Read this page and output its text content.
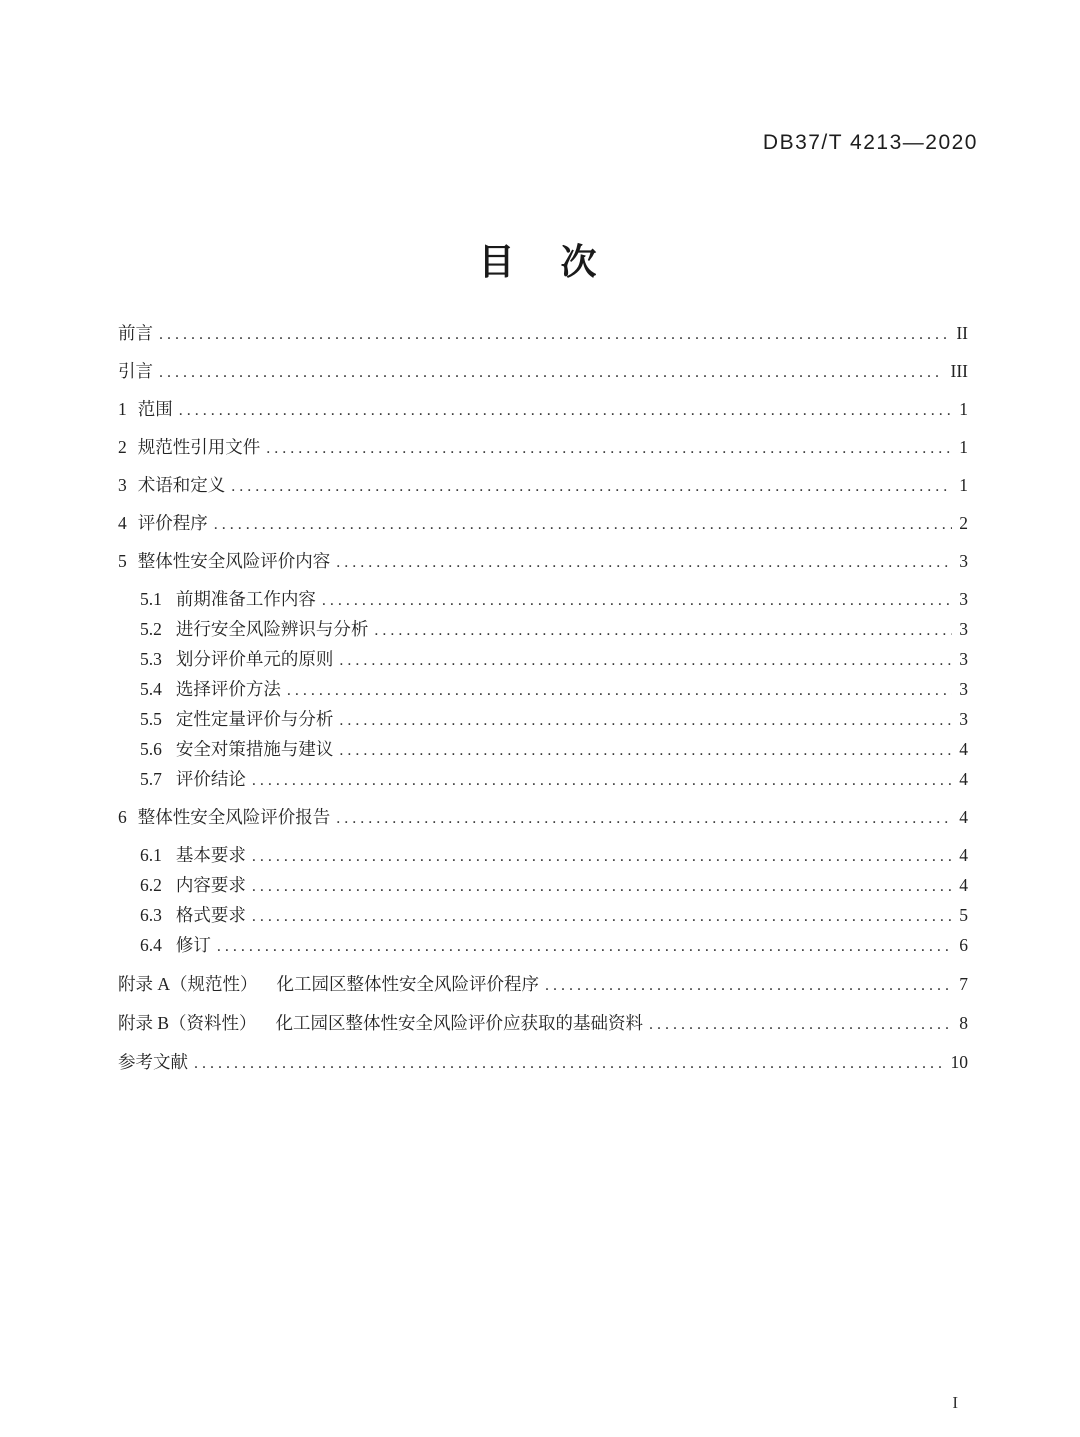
DB37/T 4213—2020
目　次
前言 . . .	II
引言 . . .	III
1 范围 . . .	1
2 规范性引用文件 . . .	1
3 术语和定义 . . .	1
4 评价程序 . . .	2
5 整体性安全风险评价内容 . . .	3
5.1 前期准备工作内容 . . .	3
5.2 进行安全风险辨识与分析 . . .	3
5.3 划分评价单元的原则 . . .	3
5.4 选择评价方法 . . .	3
5.5 定性定量评价与分析 . . .	3
5.6 安全对策措施与建议 . . .	4
5.7 评价结论 . . .	4
6 整体性安全风险评价报告 . . .	4
6.1 基本要求 . . .	4
6.2 内容要求 . . .	4
6.3 格式要求 . . .	5
6.4 修订 . . .	6
附录 A（规范性） 化工园区整体性安全风险评价程序 . . .	7
附录 B（资料性） 化工园区整体性安全风险评价应获取的基础资料 . . .	8
参考文献 . . .	10
I
